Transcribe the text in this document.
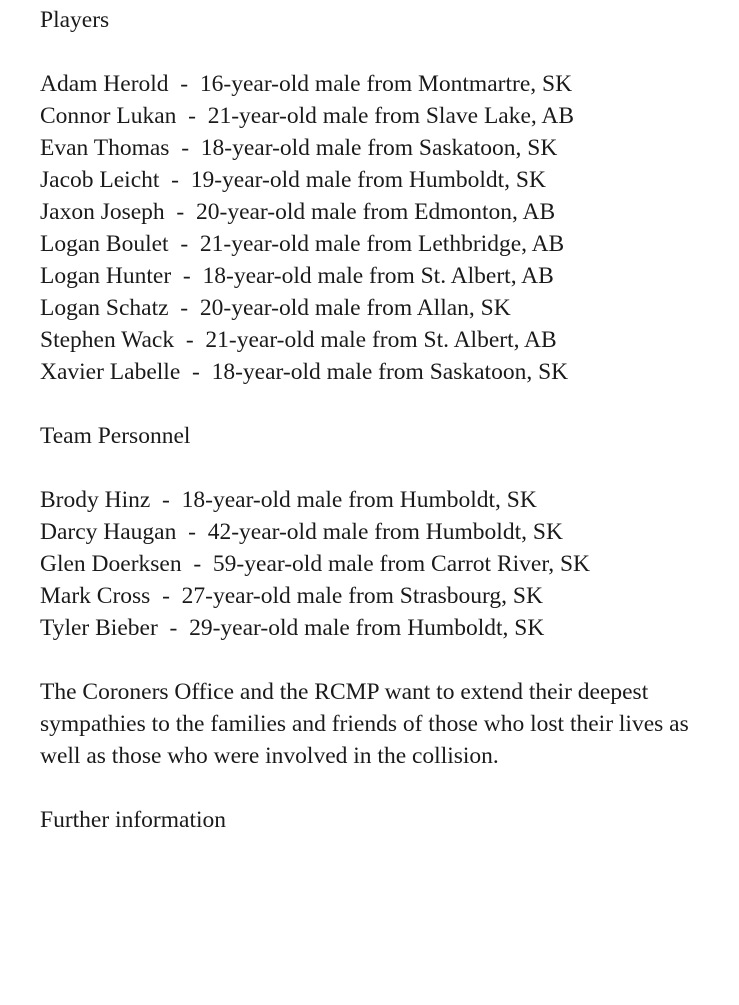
Players
Adam Herold  -  16-year-old male from Montmartre, SK
Connor Lukan  -  21-year-old male from Slave Lake, AB
Evan Thomas  -  18-year-old male from Saskatoon, SK
Jacob Leicht  -  19-year-old male from Humboldt, SK
Jaxon Joseph  -  20-year-old male from Edmonton, AB
Logan Boulet  -  21-year-old male from Lethbridge, AB
Logan Hunter  -  18-year-old male from St. Albert, AB
Logan Schatz  -  20-year-old male from Allan, SK
Stephen Wack  -  21-year-old male from St. Albert, AB
Xavier Labelle  -  18-year-old male from Saskatoon, SK
Team Personnel
Brody Hinz  -  18-year-old male from Humboldt, SK
Darcy Haugan  -  42-year-old male from Humboldt, SK
Glen Doerksen  -  59-year-old male from Carrot River, SK
Mark Cross  -  27-year-old male from Strasbourg, SK
Tyler Bieber  -  29-year-old male from Humboldt, SK
The Coroners Office and the RCMP want to extend their deepest sympathies to the families and friends of those who lost their lives as well as those who were involved in the collision.
Further information
